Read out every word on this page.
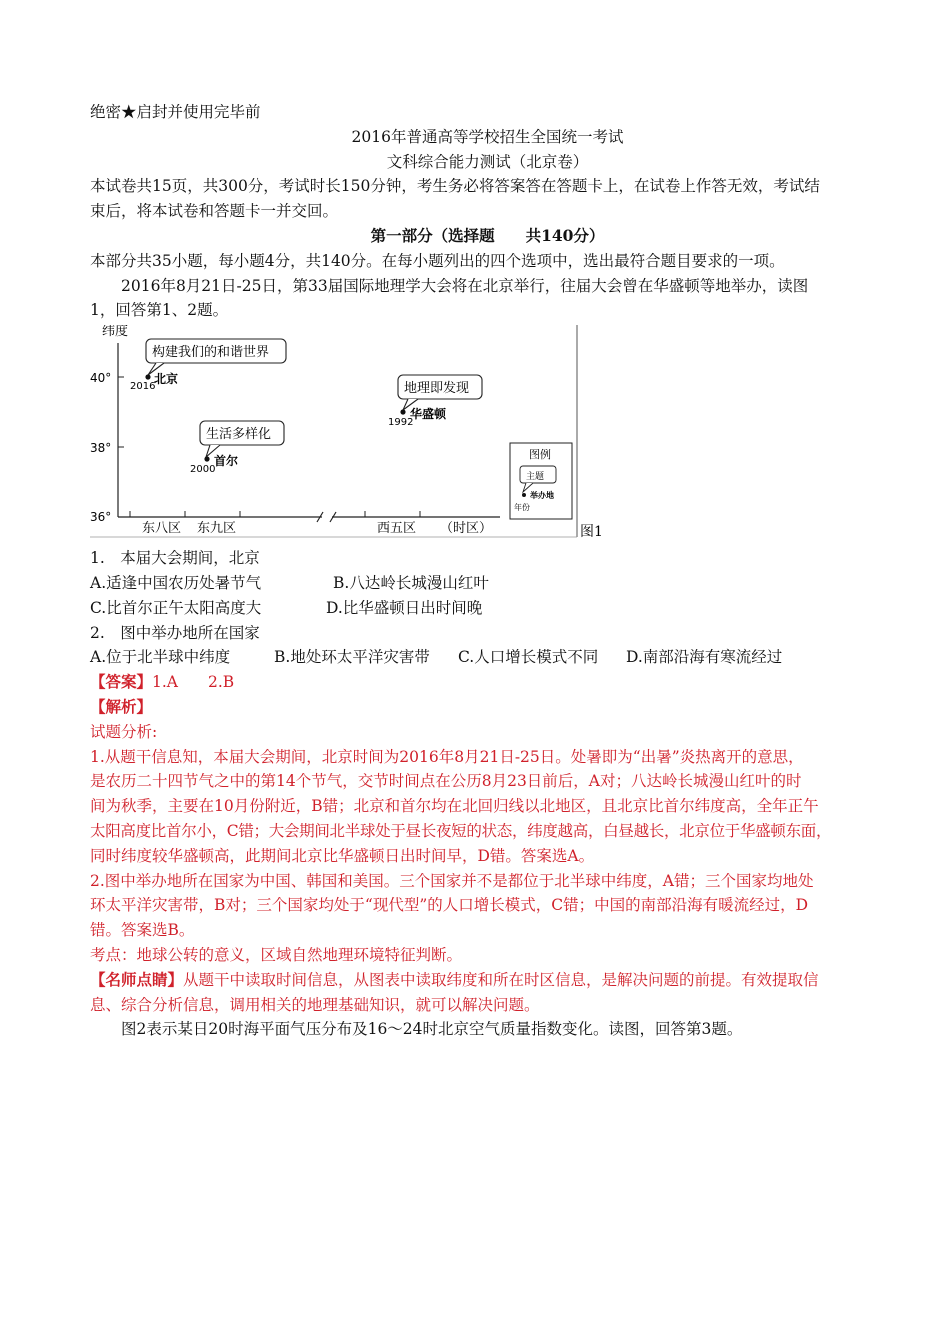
绝密★启封并使用完毕前
2016年普通高等学校招生全国统一考试
文科综合能力测试（北京卷）
本试卷共15页，共300分，考试时长150分钟，考生务必将答案答在答题卡上，在试卷上作答无效，考试结
束后，将本试卷和答题卡一并交回。
第一部分（选择题　　共140分）
本部分共35小题，每小题4分，共140分。在每小题列出的四个选项中，选出最符合题目要求的一项。
2016年8月21日-25日，第33届国际地理学大会将在北京举行，往届大会曾在华盛顿等地举办，读图
1，回答第1、2题。
纬度
40°
38°
36°
东八区 东九区	西五区 （时区）
构建我们的和谐世界
北京
2016
生活多样化
首尔
2000
地理即发现
华盛顿
1992
图例
主题
举办地
年份
图1
1.　本届大会期间，北京
A.适逢中国农历处暑节气	B.八达岭长城漫山红叶
C.比首尔正午太阳高度大	D.比华盛顿日出时间晚
2.　图中举办地所在国家
A.位于北半球中纬度	B.地处环太平洋灾害带	C.人口增长模式不同	D.南部沿海有寒流经过
【答案】 1.A	2.B
【解析】
试题分析:
1.从题干信息知，本届大会期间，北京时间为2016年8月21日-25日。处暑即为“出暑”炎热离开的意思，
是农历二十四节气之中的第14个节气，交节时间点在公历8月23日前后，A对；八达岭长城漫山红叶的时
间为秋季，主要在10月份附近，B错；北京和首尔均在北回归线以北地区，且北京比首尔纬度高，全年正午
太阳高度比首尔小，C错；大会期间北半球处于昼长夜短的状态，纬度越高，白昼越长，北京位于华盛顿东面，
同时纬度较华盛顿高，此期间北京比华盛顿日出时间早，D错。答案选A。
2.图中举办地所在国家为中国、韩国和美国。三个国家并不是都位于北半球中纬度，A错；三个国家均地处
环太平洋灾害带，B对；三个国家均处于“现代型”的人口增长模式，C错；中国的南部沿海有暖流经过，D
错。答案选B。
考点：地球公转的意义，区域自然地理环境特征判断。
【名师点睛】从题干中读取时间信息，从图表中读取纬度和所在时区信息，是解决问题的前提。有效提取信
息、综合分析信息，调用相关的地理基础知识，就可以解决问题。
图2表示某日20时海平面气压分布及16～24时北京空气质量指数变化。读图，回答第3题。
